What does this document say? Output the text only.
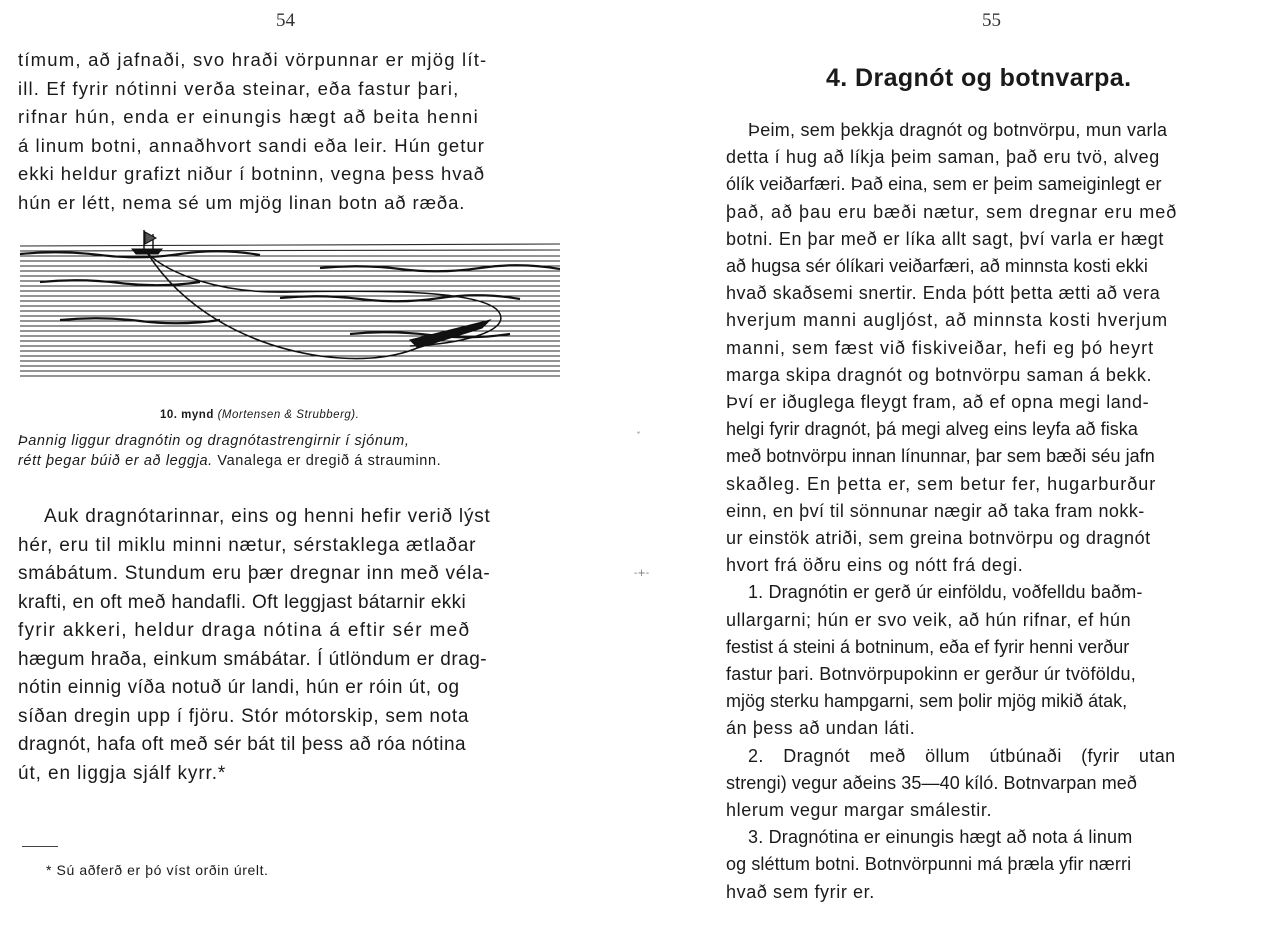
54
tímum, að jafnaði, svo hraði vörpunnar er mjög lít-
ill. Ef fyrir nótinni verða steinar, eða fastur þari,
rifnar hún, enda er einungis hægt að beita henni
á linum botni, annaðhvort sandi eða leir. Hún getur
ekki heldur grafizt niður í botninn, vegna þess hvað
hún er létt, nema sé um mjög linan botn að ræða.
10. mynd (Mortensen & Strubberg).
Þannig liggur dragnótin og dragnótastrengirnir í sjónum,
rétt þegar búið er að leggja. Vanalega er dregið á strauminn.
Auk dragnótarinnar, eins og henni hefir verið lýst
hér, eru til miklu minni nætur, sérstaklega ætlaðar
smábátum. Stundum eru þær dregnar inn með véla-
krafti, en oft með handafli. Oft leggjast bátarnir ekki
fyrir akkeri, heldur draga nótina á eftir sér með
hægum hraða, einkum smábátar. Í útlöndum er drag-
nótin einnig víða notuð úr landi, hún er róin út, og
síðan dregin upp í fjöru. Stór mótorskip, sem nota
dragnót, hafa oft með sér bát til þess að róa nótina
út, en liggja sjálf kyrr.*
* Sú aðferð er þó víst orðin úrelt.
ˇ
-+-
55
4. Dragnót og botnvarpa.
Þeim, sem þekkja dragnót og botnvörpu, mun varla
detta í hug að líkja þeim saman, það eru tvö, alveg
ólík veiðarfæri. Það eina, sem er þeim sameiginlegt er
það, að þau eru bæði nætur, sem dregnar eru með
botni. En þar með er líka allt sagt, því varla er hægt
að hugsa sér ólíkari veiðarfæri, að minnsta kosti ekki
hvað skaðsemi snertir. Enda þótt þetta ætti að vera
hverjum manni augljóst, að minnsta kosti hverjum
manni, sem fæst við fiskiveiðar, hefi eg þó heyrt
marga skipa dragnót og botnvörpu saman á bekk.
Því er iðuglega fleygt fram, að ef opna megi land-
helgi fyrir dragnót, þá megi alveg eins leyfa að fiska
með botnvörpu innan línunnar, þar sem bæði séu jafn
skaðleg. En þetta er, sem betur fer, hugarburður
einn, en því til sönnunar nægir að taka fram nokk-
ur einstök atriði, sem greina botnvörpu og dragnót
hvort frá öðru eins og nótt frá degi.
1. Dragnótin er gerð úr einföldu, voðfelldu baðm-
ullargarni; hún er svo veik, að hún rifnar, ef hún
festist á steini á botninum, eða ef fyrir henni verður
fastur þari. Botnvörpupokinn er gerður úr tvöföldu,
mjög sterku hampgarni, sem þolir mjög mikið átak,
án þess að undan láti.
2. Dragnót með öllum útbúnaði (fyrir utan
strengi) vegur aðeins 35—40 kíló. Botnvarpan með
hlerum vegur margar smálestir.
3. Dragnótina er einungis hægt að nota á linum
og sléttum botni. Botnvörpunni má þræla yfir nærri
hvað sem fyrir er.
